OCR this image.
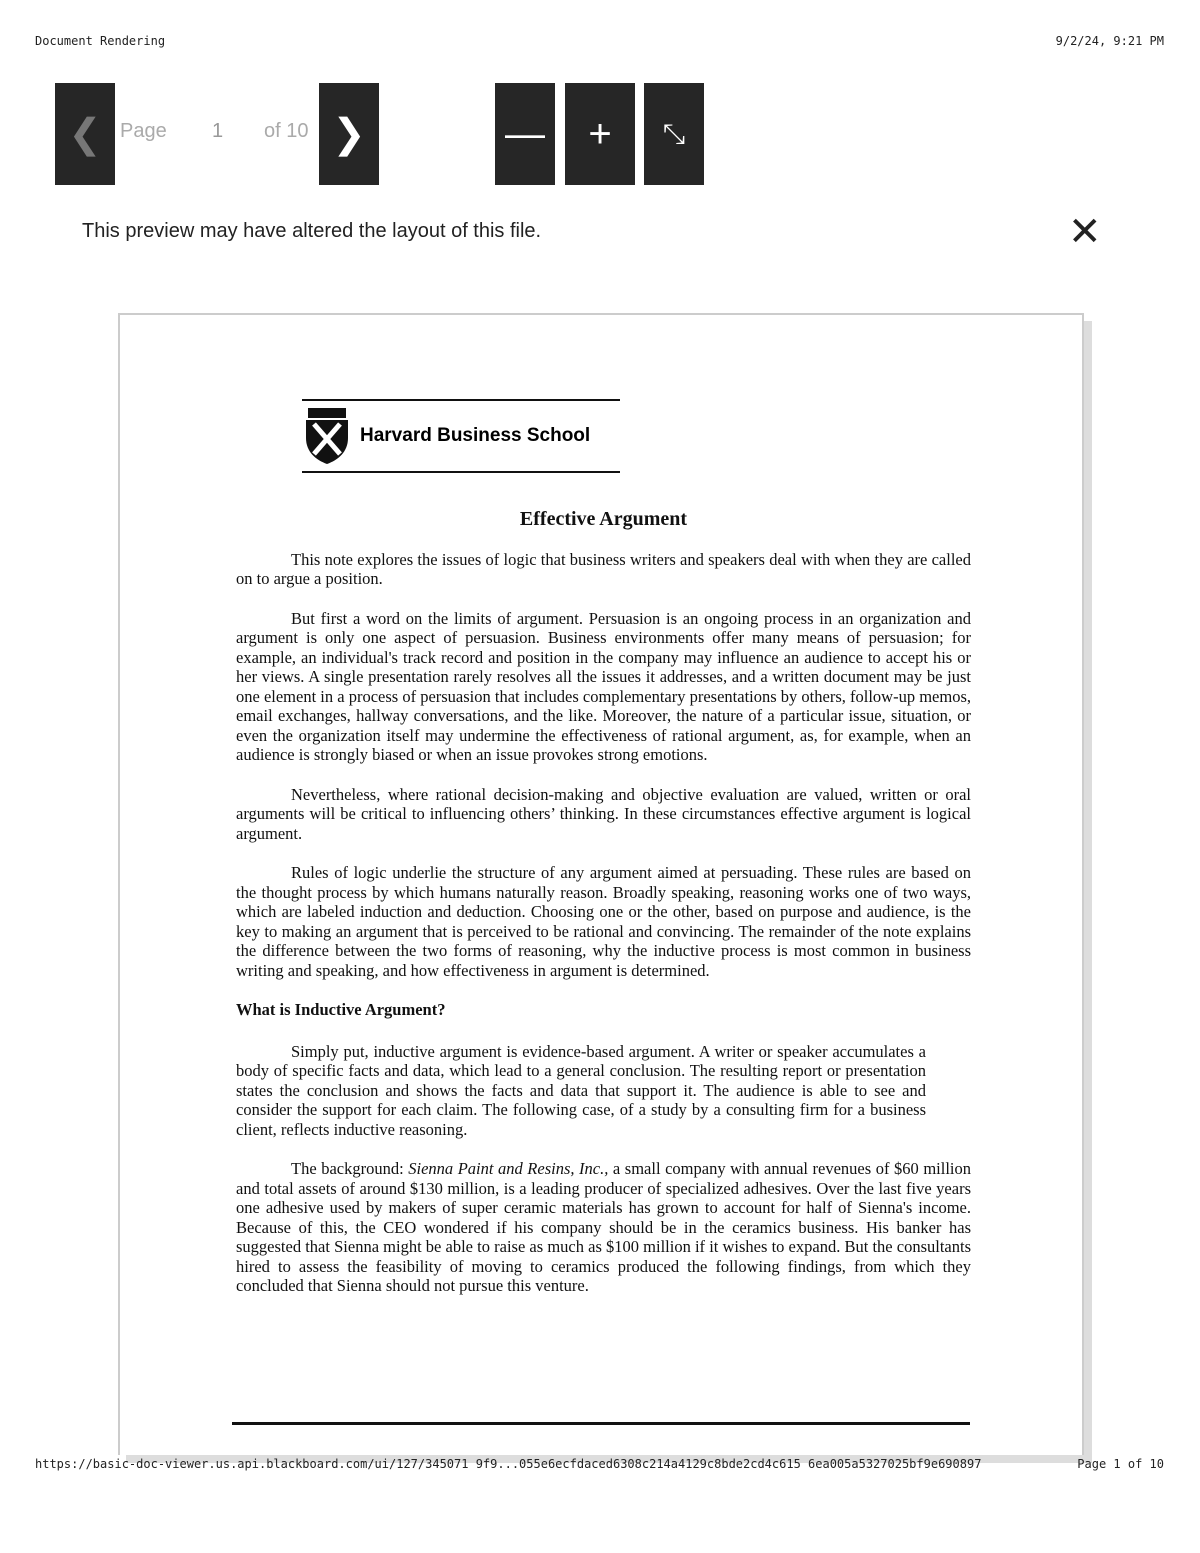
Document Rendering	9/2/24, 9:21 PM
❮ Page 1 of 10 ❯	— + ⤡
This preview may have altered the layout of this file.	✕
Harvard Business School
Effective Argument

This note explores the issues of logic that business writers and speakers deal with when they are called on to argue a position.

But first a word on the limits of argument. Persuasion is an ongoing process in an organization and argument is only one aspect of persuasion. Business environments offer many means of persuasion; for example, an individual's track record and position in the company may influence an audience to accept his or her views. A single presentation rarely resolves all the issues it addresses, and a written document may be just one element in a process of persuasion that includes complementary presentations by others, follow-up memos, email exchanges, hallway conversations, and the like. Moreover, the nature of a particular issue, situation, or even the organization itself may undermine the effectiveness of rational argument, as, for example, when an audience is strongly biased or when an issue provokes strong emotions.

Nevertheless, where rational decision-making and objective evaluation are valued, written or oral arguments will be critical to influencing others’ thinking. In these circumstances effective argument is logical argument.

Rules of logic underlie the structure of any argument aimed at persuading. These rules are based on the thought process by which humans naturally reason. Broadly speaking, reasoning works one of two ways, which are labeled induction and deduction. Choosing one or the other, based on purpose and audience, is the key to making an argument that is perceived to be rational and convincing. The remainder of the note explains the difference between the two forms of reasoning, why the inductive process is most common in business writing and speaking, and how effectiveness in argument is determined.

What is Inductive Argument?

Simply put, inductive argument is evidence-based argument. A writer or speaker accumulates a body of specific facts and data, which lead to a general conclusion. The resulting report or presentation states the conclusion and shows the facts and data that support it. The audience is able to see and consider the support for each claim. The following case, of a study by a consulting firm for a business client, reflects inductive reasoning.

The background: Sienna Paint and Resins, Inc., a small company with annual revenues of $60 million and total assets of around $130 million, is a leading producer of specialized adhesives. Over the last five years one adhesive used by makers of super ceramic materials has grown to account for half of Sienna's income. Because of this, the CEO wondered if his company should be in the ceramics business. His banker has suggested that Sienna might be able to raise as much as $100 million if it wishes to expand. But the consultants hired to assess the feasibility of moving to ceramics produced the following findings, from which they concluded that Sienna should not pursue this venture.

https://basic-doc-viewer.us.api.blackboard.com/ui/127/345071 9f9...055e6ecfdaced6308c214a4129c8bde2cd4c615 6ea005a5327025bf9e690897	Page 1 of 10
